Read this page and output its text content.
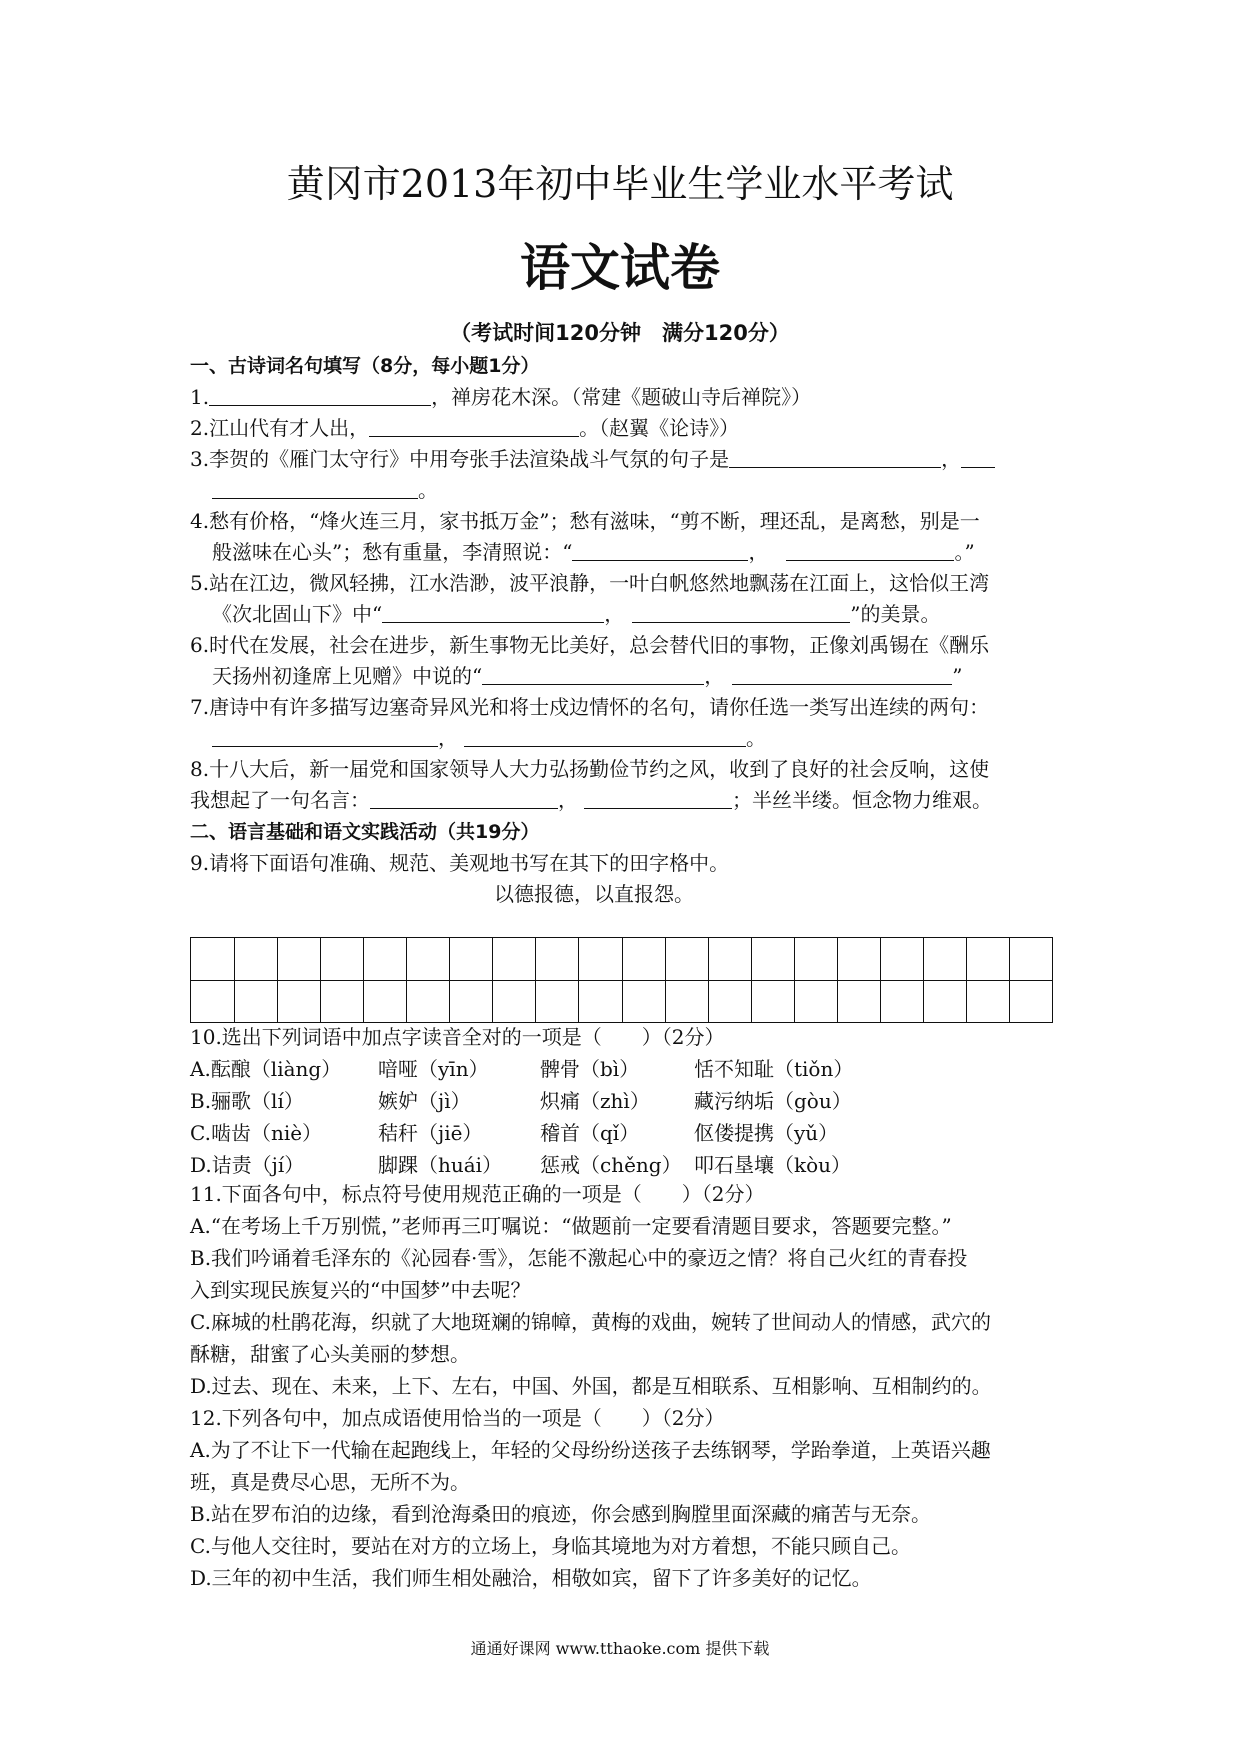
黄冈市2013年初中毕业生学业水平考试
语文试卷
（考试时间120分钟　满分120分）
一、古诗词名句填写（8分，每小题1分）
1.	，禅房花木深。（常建《题破山寺后禅院》）
2.江山代有才人出，	。（赵翼《论诗》）
3.李贺的《雁门太守行》中用夸张手法渲染战斗气氛的句子是	，
。
4.愁有价格，“烽火连三月，家书抵万金”；愁有滋味，“剪不断，理还乱，是离愁，别是一
般滋味在心头”；愁有重量，李清照说：“	，	。”
5.站在江边，微风轻拂，江水浩渺，波平浪静，一叶白帆悠然地飘荡在江面上，这恰似王湾
《次北固山下》中“	，	”的美景。
6.时代在发展，社会在进步，新生事物无比美好，总会替代旧的事物，正像刘禹锡在《酬乐
天扬州初逢席上见赠》中说的“	，	”
7.唐诗中有许多描写边塞奇异风光和将士戍边情怀的名句，请你任选一类写出连续的两句：
，	。
8.十八大后，新一届党和国家领导人大力弘扬勤俭节约之风，收到了良好的社会反响，这使
我想起了一句名言：	，	；半丝半缕。恒念物力维艰。
二、语言基础和语文实践活动（共19分）
9.请将下面语句准确、规范、美观地书写在其下的田字格中。
以德报德，以直报怨。
10.选出下列词语中加点字读音全对的一项是（　　）（2分）
A.酝酿（liàng） 喑哑（yīn）	髀骨（bì）	恬不知耻（tiǒn）
B.骊歌（lí）	嫉妒（jì）	炽痛（zhì） 藏污纳垢（gòu）
C.啮齿（niè）	秸秆（jiē）	稽首（qǐ）	伛偻提携（yǔ）
D.诘责（jí）	脚踝（huái） 惩戒（chěng） 叩石垦壤（kòu）
11.下面各句中，标点符号使用规范正确的一项是（　　）（2分）
A.“在考场上千万别慌，”老师再三叮嘱说：“做题前一定要看清题目要求，答题要完整。”
B.我们吟诵着毛泽东的《沁园春·雪》，怎能不激起心中的豪迈之情？将自己火红的青春投
入到实现民族复兴的“中国梦”中去呢？
C.麻城的杜鹃花海，织就了大地斑斓的锦幛，黄梅的戏曲，婉转了世间动人的情感，武穴的
酥糖，甜蜜了心头美丽的梦想。
D.过去、现在、未来，上下、左右，中国、外国，都是互相联系、互相影响、互相制约的。
12.下列各句中，加点成语使用恰当的一项是（　　）（2分）
A.为了不让下一代输在起跑线上，年轻的父母纷纷送孩子去练钢琴，学跆拳道，上英语兴趣
班，真是费尽心思，无所不为。
B.站在罗布泊的边缘，看到沧海桑田的痕迹，你会感到胸膛里面深藏的痛苦与无奈。
C.与他人交往时，要站在对方的立场上，身临其境地为对方着想，不能只顾自己。
D.三年的初中生活，我们师生相处融洽，相敬如宾，留下了许多美好的记忆。
通通好课网 www.tthaoke.com 提供下载
